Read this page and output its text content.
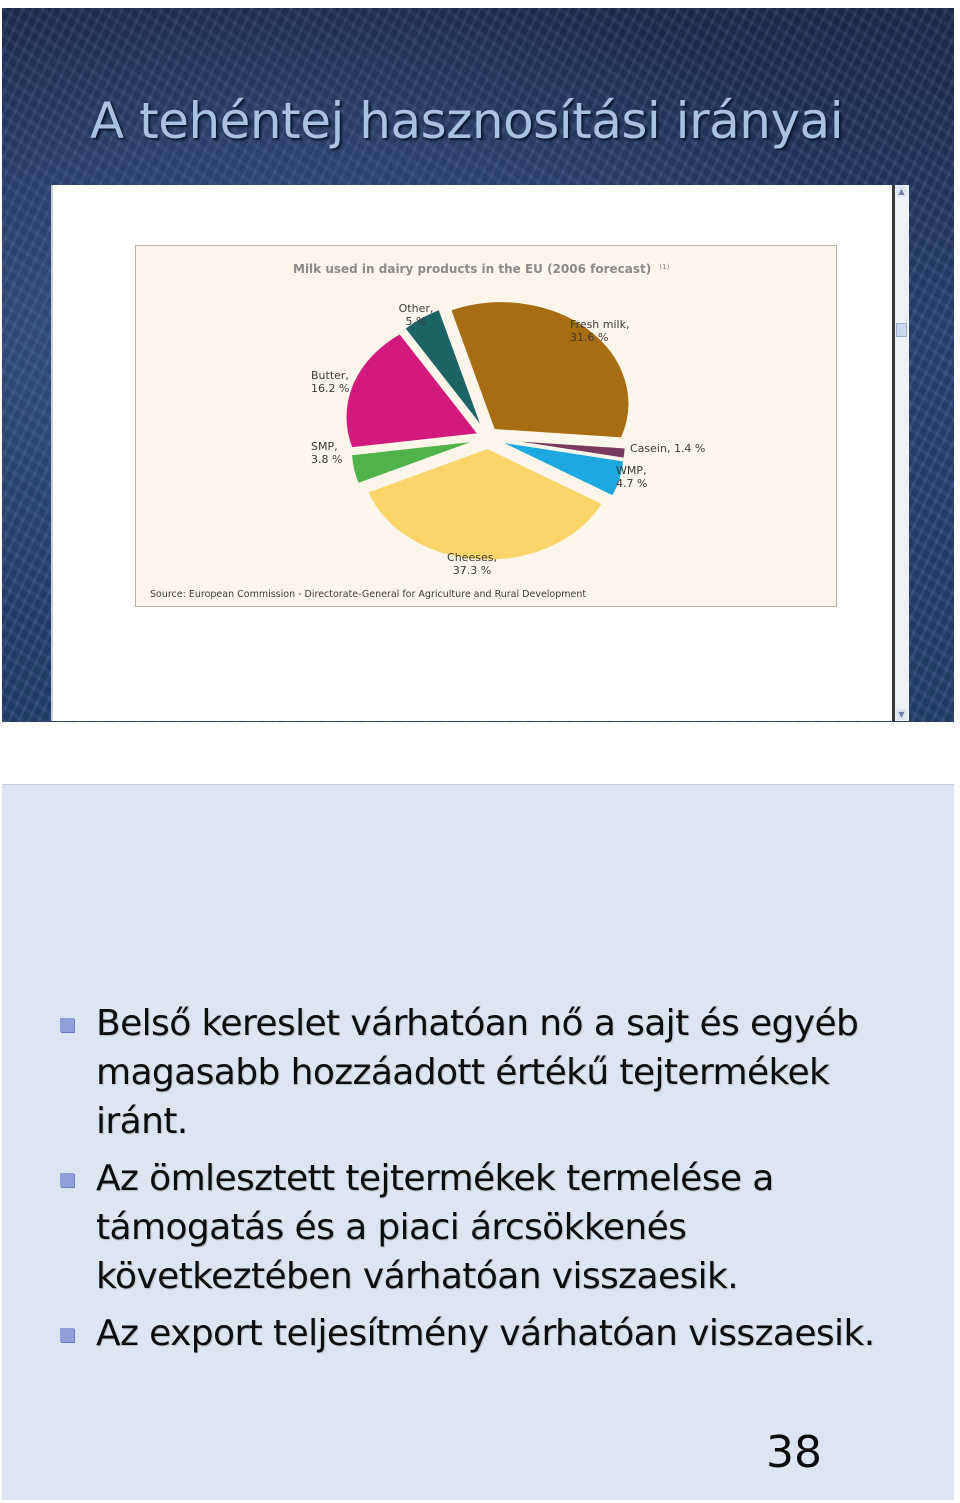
A tehéntej hasznosítási irányai
Milk used in dairy products in the EU (2006 forecast) $^{(1)}$
Fresh milk, 31.6 %
Casein, 1.4 %
WMP, 4.7 %
Cheeses, 37.3 %
SMP, 3.8 %
Butter, 16.2 %
Other, 5 %
Source: European Commission - Directorate-General for Agriculture and Rural Development
▲
▼
Belső kereslet várhatóan nő a sajt és egyéb magasabb hozzáadott értékű tejtermékek iránt.
Az ömlesztett tejtermékek termelése a támogatás és a piaci árcsökkenés következtében várhatóan visszaesik.
Az export teljesítmény várhatóan visszaesik.
38
